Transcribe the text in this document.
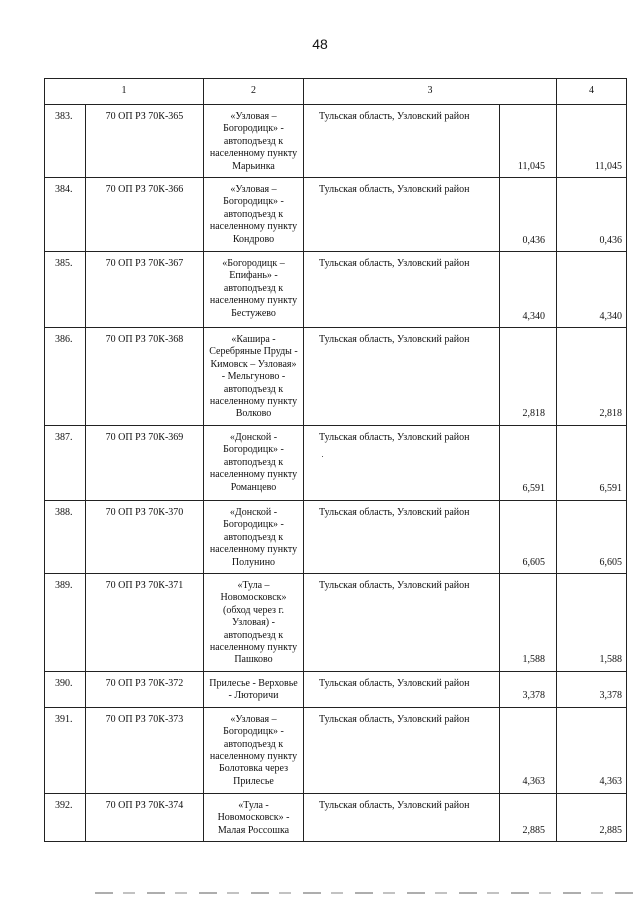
48
1		2	3		4
383.	70 ОП РЗ 70К-365	«Узловая – Богородицк» - автоподъезд к населенному пункту Марьинка	Тульская область, Узловский район	11,045	11,045
384.	70 ОП РЗ 70К-366	«Узловая – Богородицк» - автоподъезд к населенному пункту Кондрово	Тульская область, Узловский район	0,436	0,436
385.	70 ОП РЗ 70К-367	«Богородицк – Епифань» - автоподъезд к населенному пункту Бестужево	Тульская область, Узловский район	4,340	4,340
386.	70 ОП РЗ 70К-368	«Кашира - Серебряные Пруды - Кимовск – Узловая» - Мельгуново - автоподъезд к населенному пункту Волково	Тульская область, Узловский район	2,818	2,818
387.	70 ОП РЗ 70К-369	«Донской - Богородицк» - автоподъезд к населенному пункту Романцево	Тульская область, Узловский район	6,591	6,591
388.	70 ОП РЗ 70К-370	«Донской - Богородицк» - автоподъезд к населенному пункту Полунино	Тульская область, Узловский район	6,605	6,605
389.	70 ОП РЗ 70К-371	«Тула – Новомосковск» (обход через г. Узловая) - автоподъезд к населенному пункту Пашково	Тульская область, Узловский район	1,588	1,588
390.	70 ОП РЗ 70К-372	Прилесье - Верховье - Люторичи	Тульская область, Узловский район	3,378	3,378
391.	70 ОП РЗ 70К-373	«Узловая – Богородицк» - автоподъезд к населенному пункту Болотовка через Прилесье	Тульская область, Узловский район	4,363	4,363
392.	70 ОП РЗ 70К-374	«Тула - Новомосковск» - Малая Россошка	Тульская область, Узловский район	2,885	2,885
